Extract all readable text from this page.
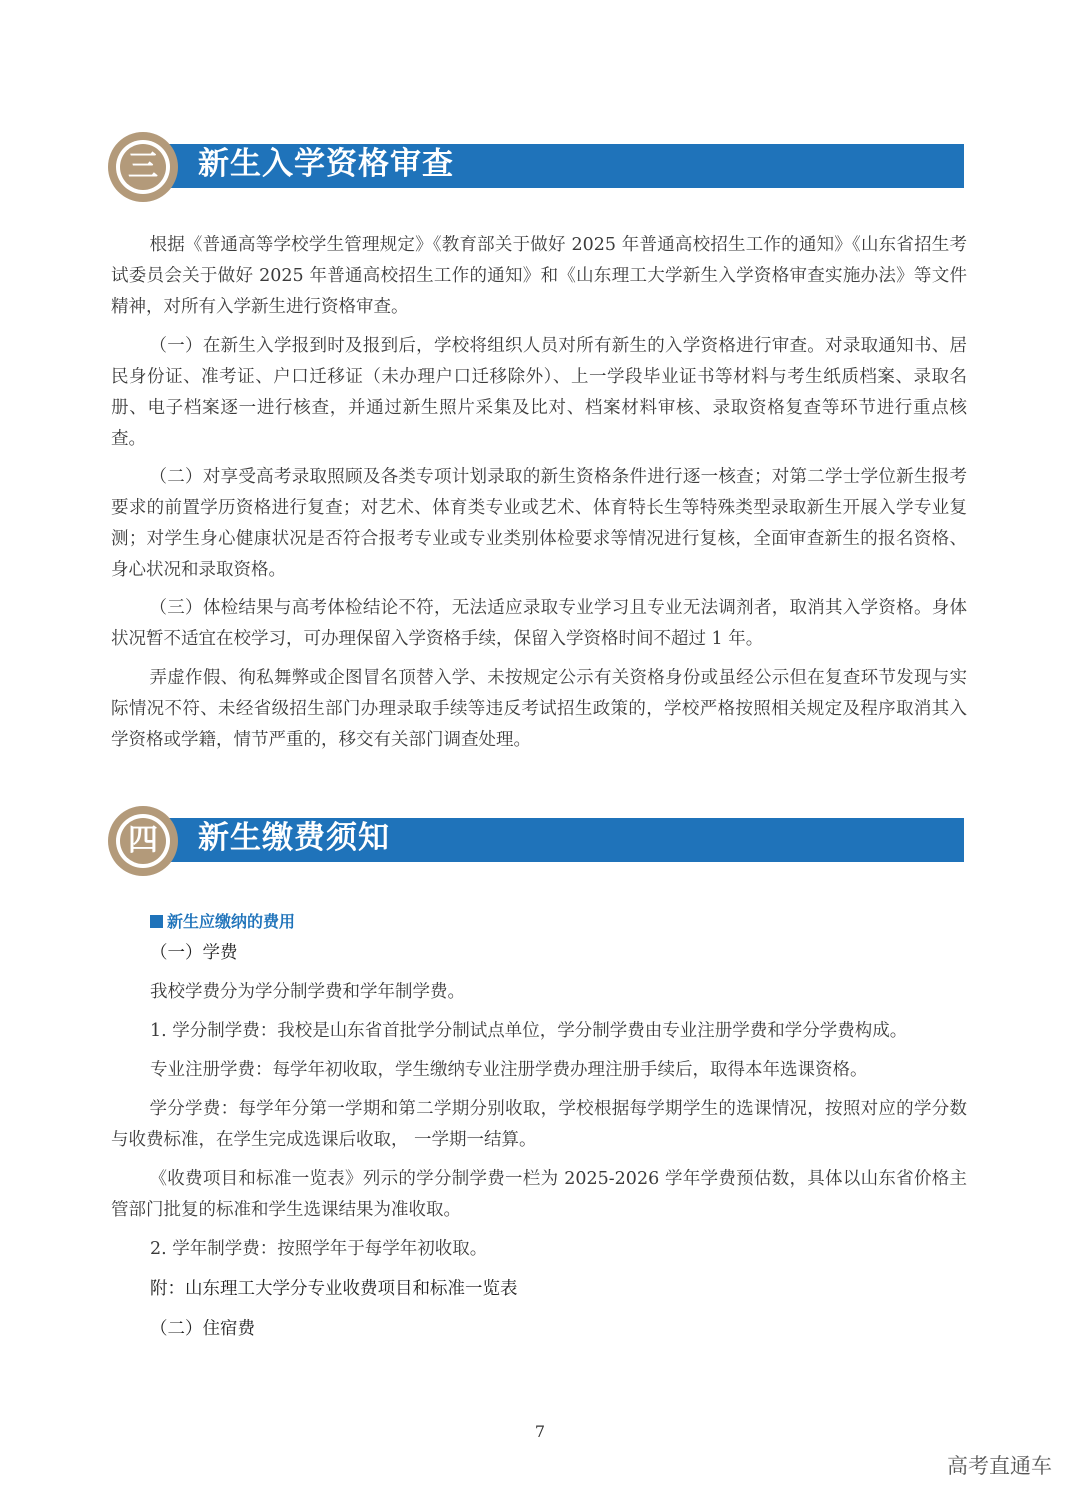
新生入学资格审查
三

根据《普通高等学校学生管理规定》《教育部关于做好 2025 年普通高校招生工作的通知》《山东省招生考试委员会关于做好 2025 年普通高校招生工作的通知》和《山东理工大学新生入学资格审查实施办法》等文件精神，对所有入学新生进行资格审查。

（一）在新生入学报到时及报到后，学校将组织人员对所有新生的入学资格进行审查。对录取通知书、居民身份证、准考证、户口迁移证（未办理户口迁移除外）、上一学段毕业证书等材料与考生纸质档案、录取名册、电子档案逐一进行核查，并通过新生照片采集及比对、档案材料审核、录取资格复查等环节进行重点核查。

（二）对享受高考录取照顾及各类专项计划录取的新生资格条件进行逐一核查；对第二学士学位新生报考要求的前置学历资格进行复查；对艺术、体育类专业或艺术、体育特长生等特殊类型录取新生开展入学专业复测；对学生身心健康状况是否符合报考专业或专业类别体检要求等情况进行复核，全面审查新生的报名资格、身心状况和录取资格。

（三）体检结果与高考体检结论不符，无法适应录取专业学习且专业无法调剂者，取消其入学资格。身体状况暂不适宜在校学习，可办理保留入学资格手续，保留入学资格时间不超过 1 年。

弄虚作假、徇私舞弊或企图冒名顶替入学、未按规定公示有关资格身份或虽经公示但在复查环节发现与实际情况不符、未经省级招生部门办理录取手续等违反考试招生政策的，学校严格按照相关规定及程序取消其入学资格或学籍，情节严重的，移交有关部门调查处理。

新生缴费须知
四
新生应缴纳的费用
（一）学费

我校学费分为学分制学费和学年制学费。

1. 学分制学费：我校是山东省首批学分制试点单位，学分制学费由专业注册学费和学分学费构成。

专业注册学费：每学年初收取，学生缴纳专业注册学费办理注册手续后，取得本年选课资格。

学分学费：每学年分第一学期和第二学期分别收取，学校根据每学期学生的选课情况，按照对应的学分数与收费标准，在学生完成选课后收取， 一学期一结算。

《收费项目和标准一览表》列示的学分制学费一栏为 2025-2026 学年学费预估数，具体以山东省价格主管部门批复的标准和学生选课结果为准收取。

2. 学年制学费：按照学年于每学年初收取。

附：山东理工大学分专业收费项目和标准一览表
（二）住宿费
7
高考直通车
